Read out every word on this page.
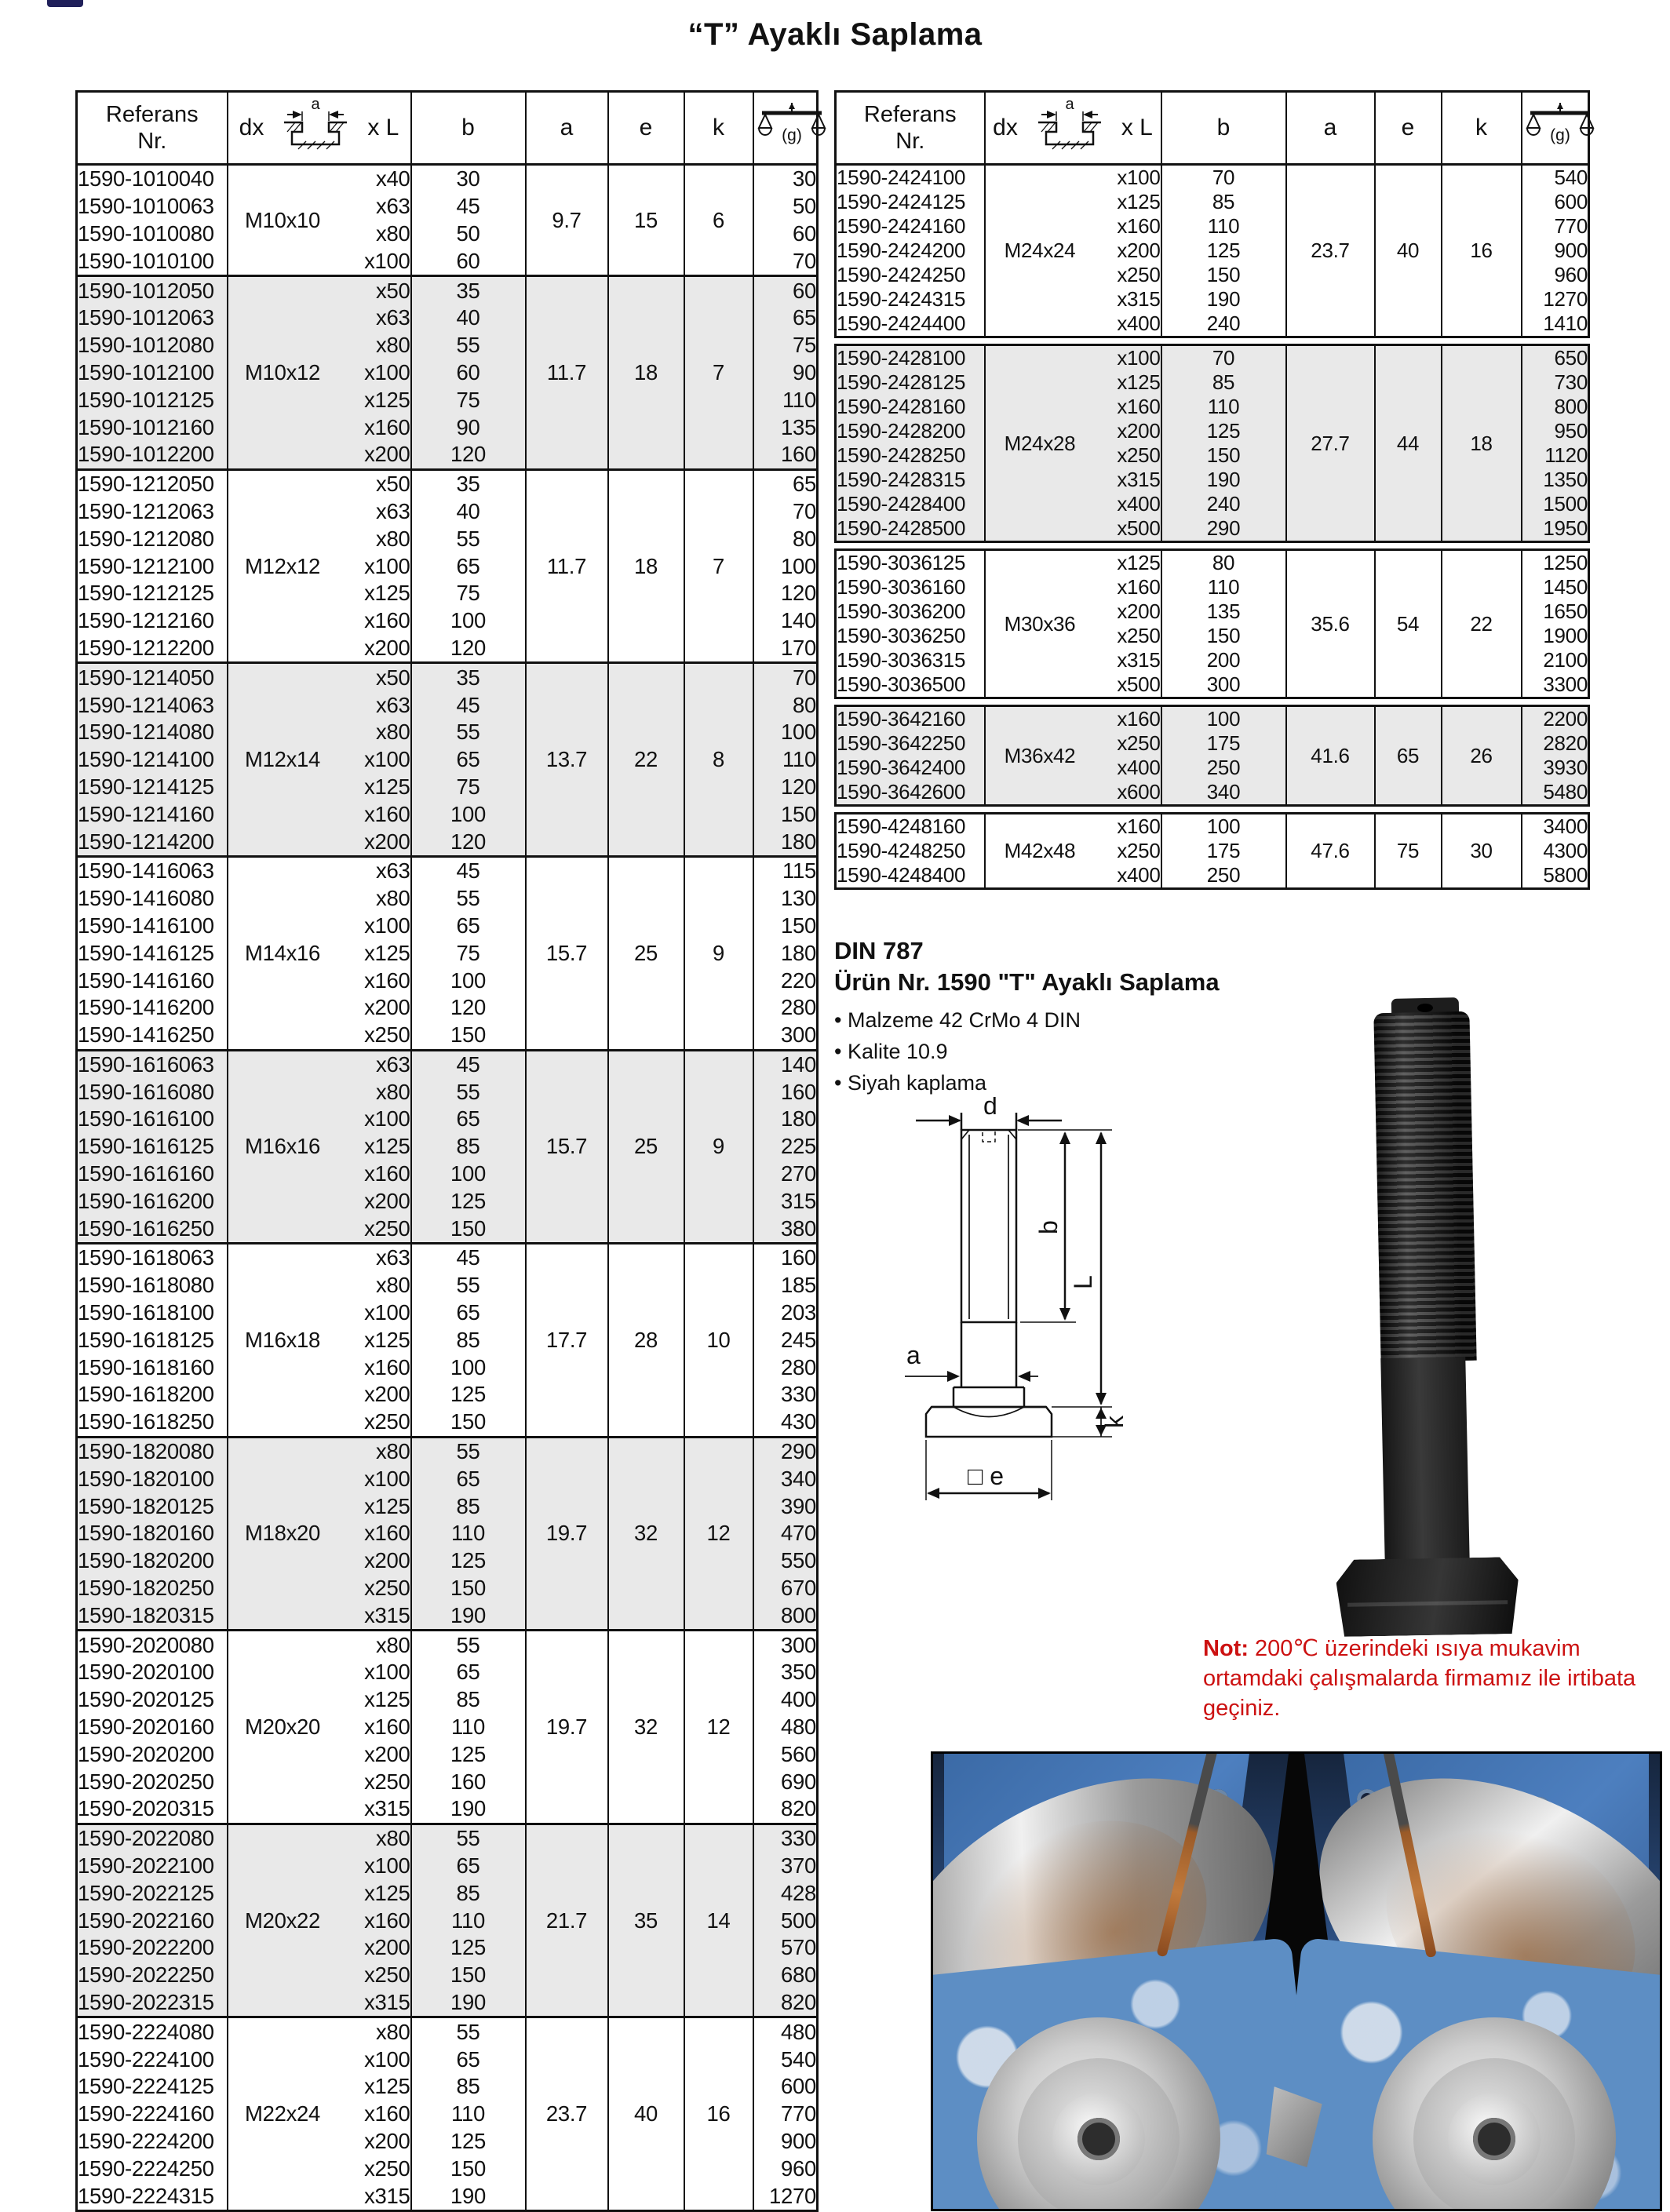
“T” Ayaklı Saplama
Referans
Nr.

dx
a
x L	b	a	e	k	(g)
1590-1010040	M10x10	x40	30	9.7	15	6	30
1590-1010063		x63	45				50
1590-1010080		x80	50				60
1590-1010100		x100	60				70
1590-1012050	M10x12	x50	35	11.7	18	7	60
1590-1012063		x63	40				65
1590-1012080		x80	55				75
1590-1012100		x100	60				90
1590-1012125		x125	75				110
1590-1012160		x160	90				135
1590-1012200		x200	120				160
1590-1212050	M12x12	x50	35	11.7	18	7	65
1590-1212063		x63	40				70
1590-1212080		x80	55				80
1590-1212100		x100	65				100
1590-1212125		x125	75				120
1590-1212160		x160	100				140
1590-1212200		x200	120				170
1590-1214050	M12x14	x50	35	13.7	22	8	70
1590-1214063		x63	45				80
1590-1214080		x80	55				100
1590-1214100		x100	65				110
1590-1214125		x125	75				120
1590-1214160		x160	100				150
1590-1214200		x200	120				180
1590-1416063	M14x16	x63	45	15.7	25	9	115
1590-1416080		x80	55				130
1590-1416100		x100	65				150
1590-1416125		x125	75				180
1590-1416160		x160	100				220
1590-1416200		x200	120				280
1590-1416250		x250	150				300
1590-1616063	M16x16	x63	45	15.7	25	9	140
1590-1616080		x80	55				160
1590-1616100		x100	65				180
1590-1616125		x125	85				225
1590-1616160		x160	100				270
1590-1616200		x200	125				315
1590-1616250		x250	150				380
1590-1618063	M16x18	x63	45	17.7	28	10	160
1590-1618080		x80	55				185
1590-1618100		x100	65				203
1590-1618125		x125	85				245
1590-1618160		x160	100				280
1590-1618200		x200	125				330
1590-1618250		x250	150				430
1590-1820080	M18x20	x80	55	19.7	32	12	290
1590-1820100		x100	65				340
1590-1820125		x125	85				390
1590-1820160		x160	110				470
1590-1820200		x200	125				550
1590-1820250		x250	150				670
1590-1820315		x315	190				800
1590-2020080	M20x20	x80	55	19.7	32	12	300
1590-2020100		x100	65				350
1590-2020125		x125	85				400
1590-2020160		x160	110				480
1590-2020200		x200	125				560
1590-2020250		x250	160				690
1590-2020315		x315	190				820
1590-2022080	M20x22	x80	55	21.7	35	14	330
1590-2022100		x100	65				370
1590-2022125		x125	85				428
1590-2022160		x160	110				500
1590-2022200		x200	125				570
1590-2022250		x250	150				680
1590-2022315		x315	190				820
1590-2224080	M22x24	x80	55	23.7	40	16	480
1590-2224100		x100	65				540
1590-2224125		x125	85				600
1590-2224160		x160	110				770
1590-2224200		x200	125				900
1590-2224250		x250	150				960
1590-2224315		x315	190				1270
Referans
Nr.

dx
a
x L	b	a	e	k	(g)
1590-2424100	M24x24	x100	70	23.7	40	16	540
1590-2424125		x125	85				600
1590-2424160		x160	110				770
1590-2424200		x200	125				900
1590-2424250		x250	150				960
1590-2424315		x315	190				1270
1590-2424400		x400	240				1410
1590-2428100	M24x28	x100	70	27.7	44	18	650
1590-2428125		x125	85				730
1590-2428160		x160	110				800
1590-2428200		x200	125				950
1590-2428250		x250	150				1120
1590-2428315		x315	190				1350
1590-2428400		x400	240				1500
1590-2428500		x500	290				1950
1590-3036125	M30x36	x125	80	35.6	54	22	1250
1590-3036160		x160	110				1450
1590-3036200		x200	135				1650
1590-3036250		x250	150				1900
1590-3036315		x315	200				2100
1590-3036500		x500	300				3300
1590-3642160	M36x42	x160	100	41.6	65	26	2200
1590-3642250		x250	175				2820
1590-3642400		x400	250				3930
1590-3642600		x600	340				5480
1590-4248160	M42x48	x160	100	47.6	75	30	3400
1590-4248250		x250	175				4300
1590-4248400		x400	250				5800
DIN 787
Ürün Nr. 1590 "T" Ayaklı Saplama
• Malzeme 42 CrMo 4 DIN
• Kalite 10.9
• Siyah kaplama
d
b
L
a
k
□ e
Not: 200℃ üzerindeki ısıya mukavim ortamdaki çalışmalarda firmamız ile irtibata geçiniz.
